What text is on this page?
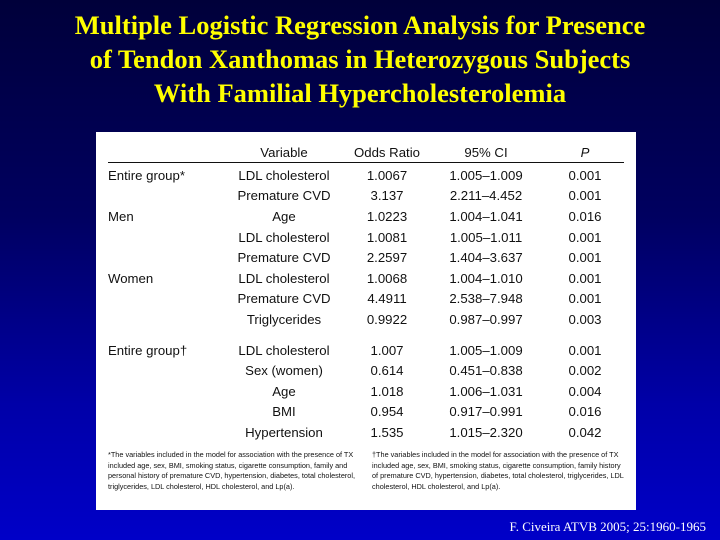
Multiple Logistic Regression Analysis for Presence
of Tendon Xanthomas in Heterozygous Subjects
With Familial Hypercholesterolemia
	Variable	Odds Ratio	95% CI	P
Entire group*	LDL cholesterol	1.0067	1.005–1.009	0.001
	Premature CVD	3.137	2.211–4.452	0.001
Men	Age	1.0223	1.004–1.041	0.016
	LDL cholesterol	1.0081	1.005–1.011	0.001
	Premature CVD	2.2597	1.404–3.637	0.001
Women	LDL cholesterol	1.0068	1.004–1.010	0.001
	Premature CVD	4.4911	2.538–7.948	0.001
	Triglycerides	0.9922	0.987–0.997	0.003

Entire group†	LDL cholesterol	1.007	1.005–1.009	0.001
	Sex (women)	0.614	0.451–0.838	0.002
	Age	1.018	1.006–1.031	0.004
	BMI	0.954	0.917–0.991	0.016
	Hypertension	1.535	1.015–2.320	0.042
*The variables included in the model for association with the presence of TX included age, sex, BMI, smoking status, cigarette consumption, family and personal history of premature CVD, hypertension, diabetes, total cholesterol, triglycerides, LDL cholesterol, HDL cholesterol, and Lp(a).
†The variables included in the model for association with the presence of TX included age, sex, BMI, smoking status, cigarette consumption, family history of premature CVD, hypertension, diabetes, total cholesterol, triglycerides, LDL cholesterol, HDL cholesterol, and Lp(a).
F. Civeira ATVB 2005; 25:1960-1965
